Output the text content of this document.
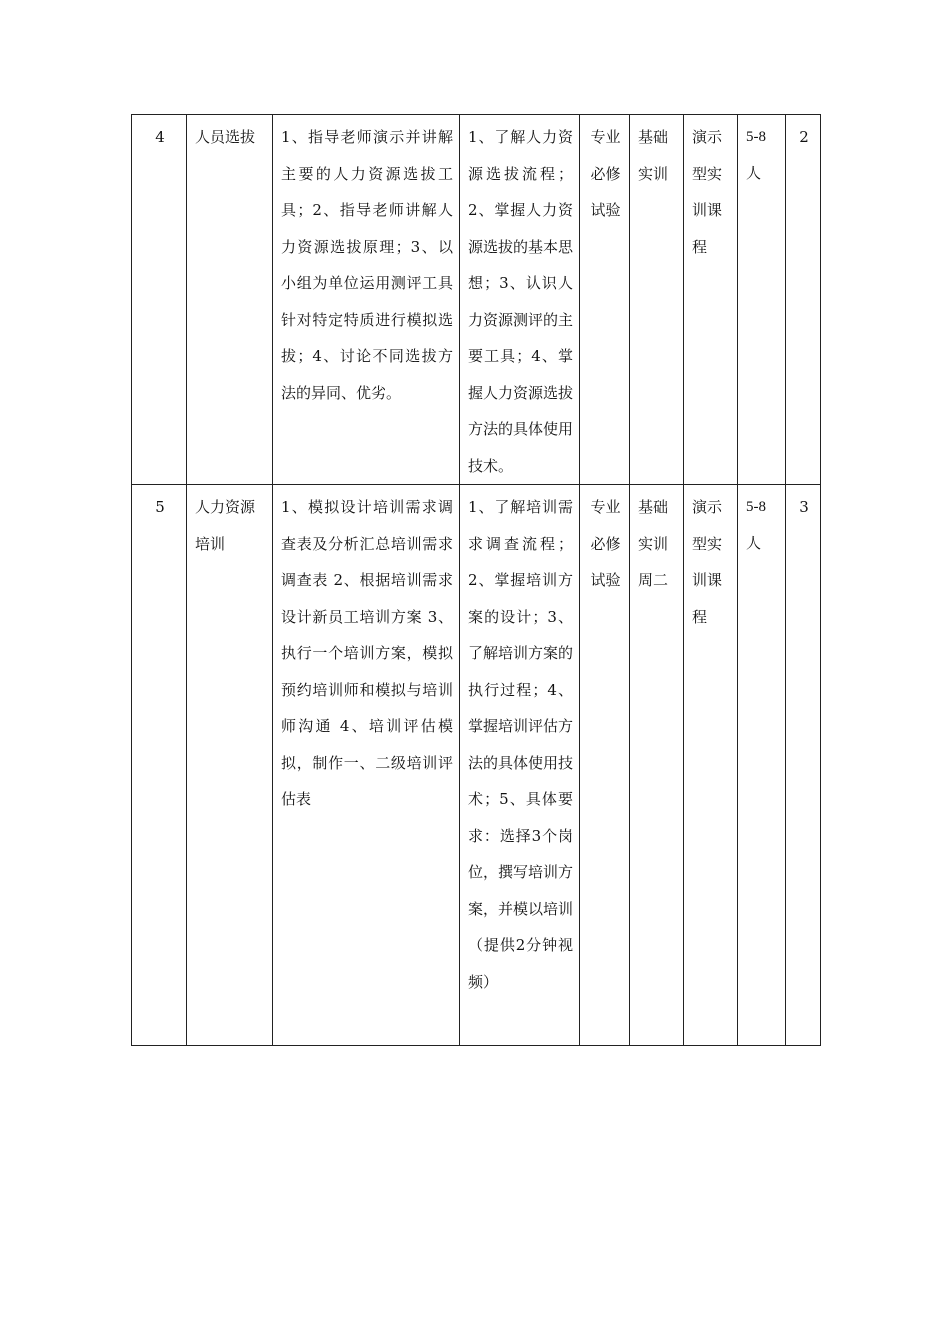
4	人员选拔	1、指导老师演示并讲解主要的人力资源选拔工具；2、指导老师讲解人力资源选拔原理；3、以小组为单位运用测评工具针对特定特质进行模拟选拔；4、讨论不同选拔方法的异同、优劣。	1、了解人力资源选拔流程；2、掌握人力资源选拔的基本思想；3、认识人力资源测评的主要工具；4、掌握人力资源选拔方法的具体使用技术。	专业必修试验	基础实训	演示型实训课程	5-8人	2
5	人力资源培训	1、模拟设计培训需求调查表及分析汇总培训需求调查表 2、根据培训需求设计新员工培训方案 3、执行一个培训方案，模拟预约培训师和模拟与培训师沟通 4、培训评估模拟，制作一、二级培训评估表	1、了解培训需求调查流程；2、掌握培训方案的设计；3、了解培训方案的执行过程；4、掌握培训评估方法的具体使用技术；5、具体要求：选择3个岗位，撰写培训方案，并模以培训（提供2分钟视频）	专业必修试验	基础实训周二	演示型实训课程	5-8人	3
